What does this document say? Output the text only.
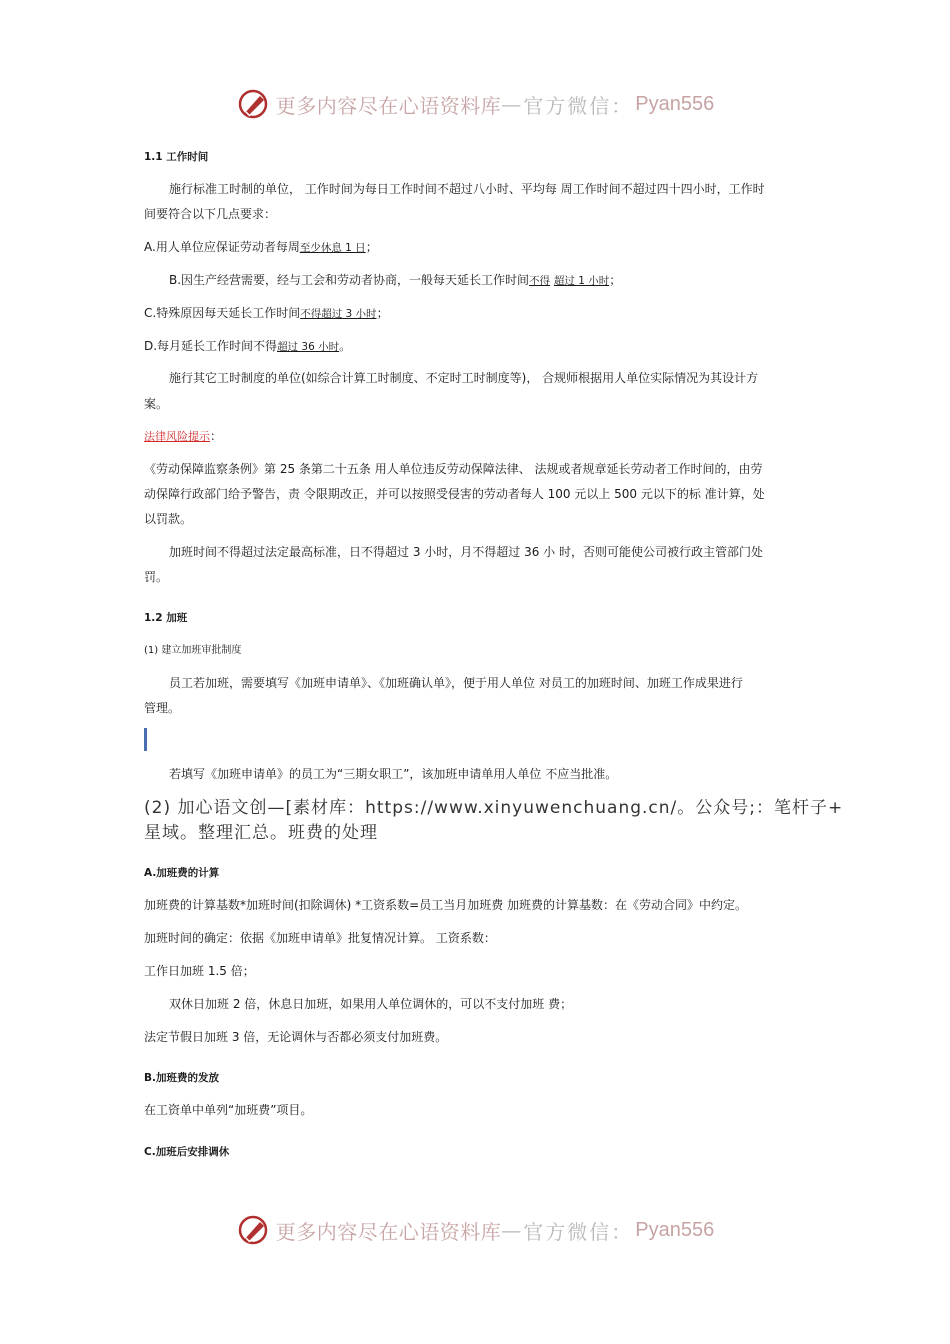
更多内容尽在心语资料库 — 官方微信： Pyan556
1.1 工作时间
施行标准工时制的单位， 工作时间为每日工作时间不超过八小时、平均每 周工作时间不超过四十四小时，工作时
间要符合以下几点要求：
A.用人单位应保证劳动者每周至少休息 1 日；
B.因生产经营需要，经与工会和劳动者协商，一般每天延长工作时间不得 超过 1 小时；
C.特殊原因每天延长工作时间不得超过 3 小时；
D.每月延长工作时间不得超过 36 小时。
施行其它工时制度的单位(如综合计算工时制度、不定时工时制度等)， 合规师根据用人单位实际情况为其设计方
案。
法律风险提示：
《劳动保障监察条例》第 25 条第二十五条 用人单位违反劳动保障法律、 法规或者规章延长劳动者工作时间的，由劳
动保障行政部门给予警告，责 令限期改正，并可以按照受侵害的劳动者每人 100 元以上 500 元以下的标 准计算，处
以罚款。
加班时间不得超过法定最高标准，日不得超过 3 小时，月不得超过 36 小 时，否则可能使公司被行政主管部门处
罚。
1.2 加班
(1) 建立加班审批制度
员工若加班，需要填写《加班申请单》、《加班确认单》，便于用人单位 对员工的加班时间、加班工作成果进行
管理。
若填写《加班申请单》的员工为“三期女职工”，该加班申请单用人单位 不应当批准。
(2) 加心语文创—[素材库：https://www.xinyuwenchuang.cn/。公众号;：笔杆子+
星域。整理汇总。班费的处理
A.加班费的计算
加班费的计算基数*加班时间(扣除调休) *工资系数=员工当月加班费 加班费的计算基数：在《劳动合同》中约定。
加班时间的确定：依据《加班申请单》批复情况计算。 工资系数：
工作日加班 1.5 倍；
双休日加班 2 倍，休息日加班，如果用人单位调休的，可以不支付加班 费；
法定节假日加班 3 倍，无论调休与否都必须支付加班费。
B.加班费的发放
在工资单中单列“加班费”项目。
C.加班后安排调休
更多内容尽在心语资料库 — 官方微信： Pyan556
